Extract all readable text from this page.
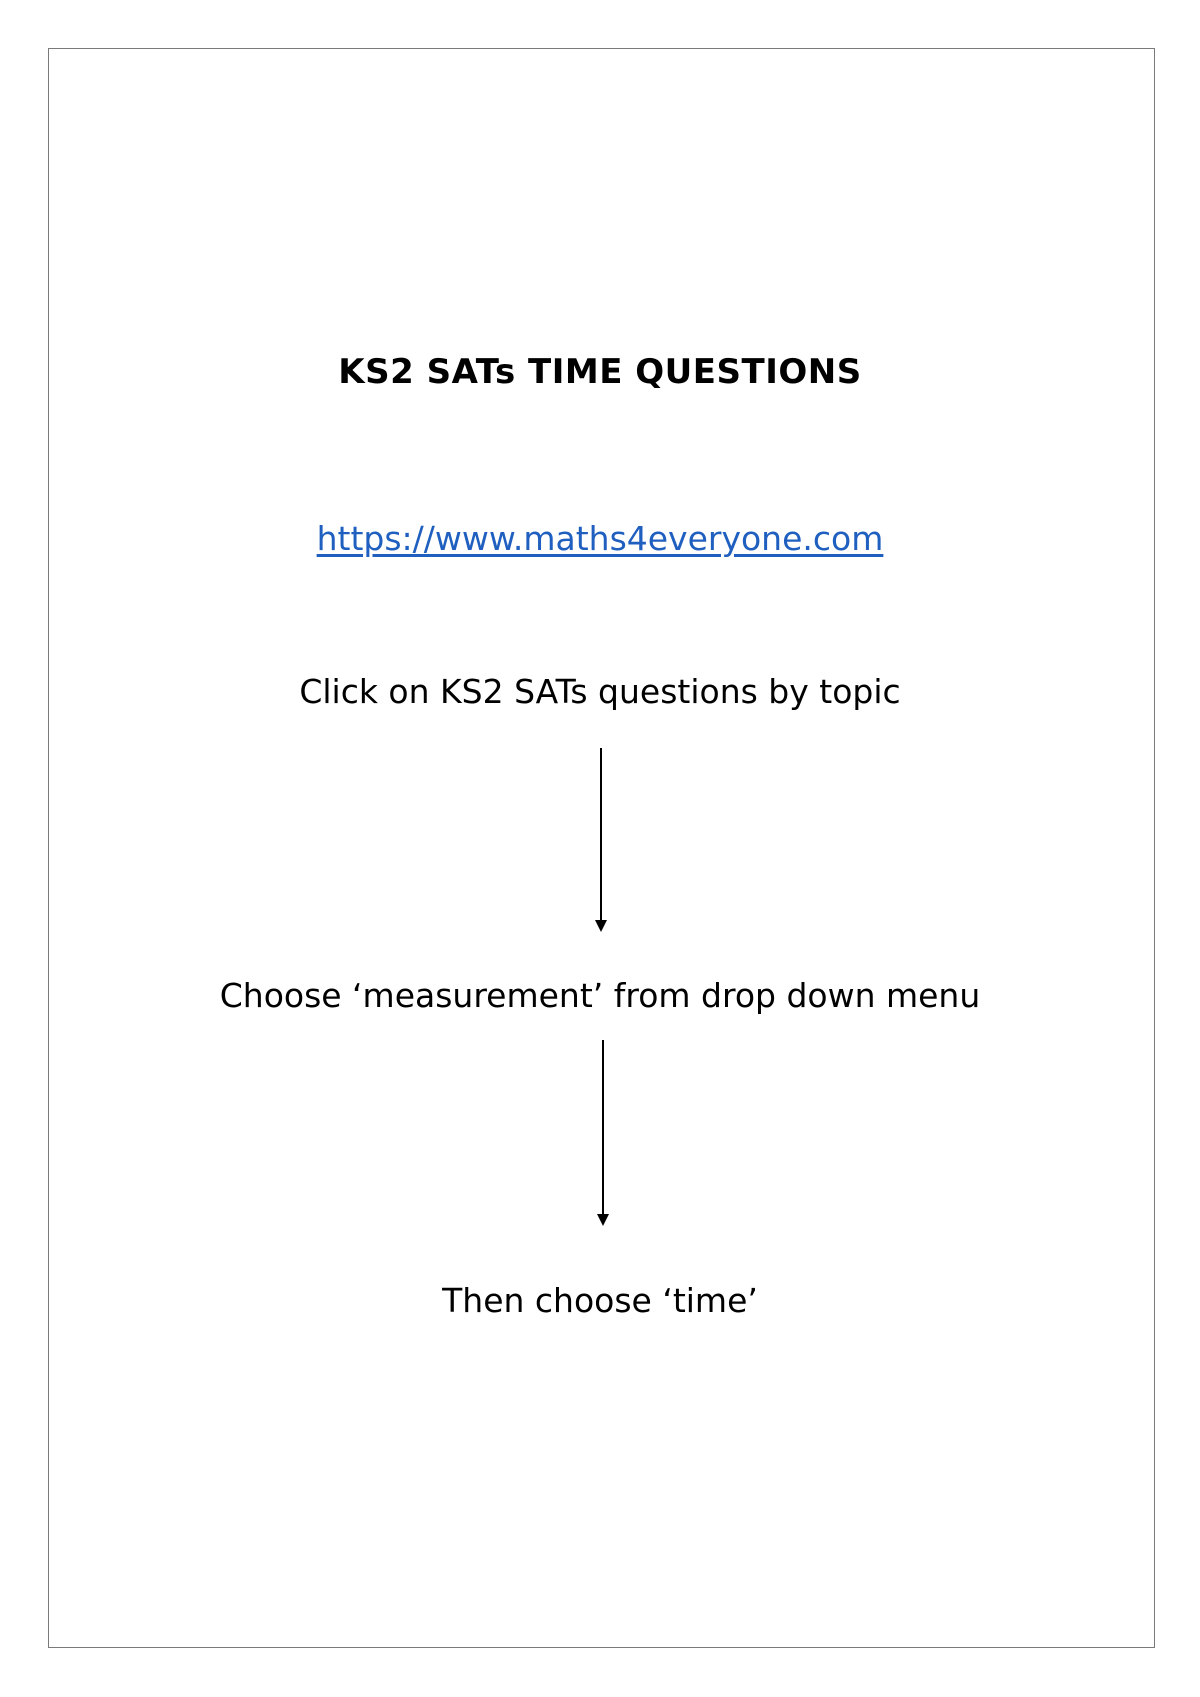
KS2 SATs TIME QUESTIONS
https://www.maths4everyone.com
Click on KS2 SATs questions by topic
Choose ‘measurement’ from drop down menu
Then choose ‘time’
